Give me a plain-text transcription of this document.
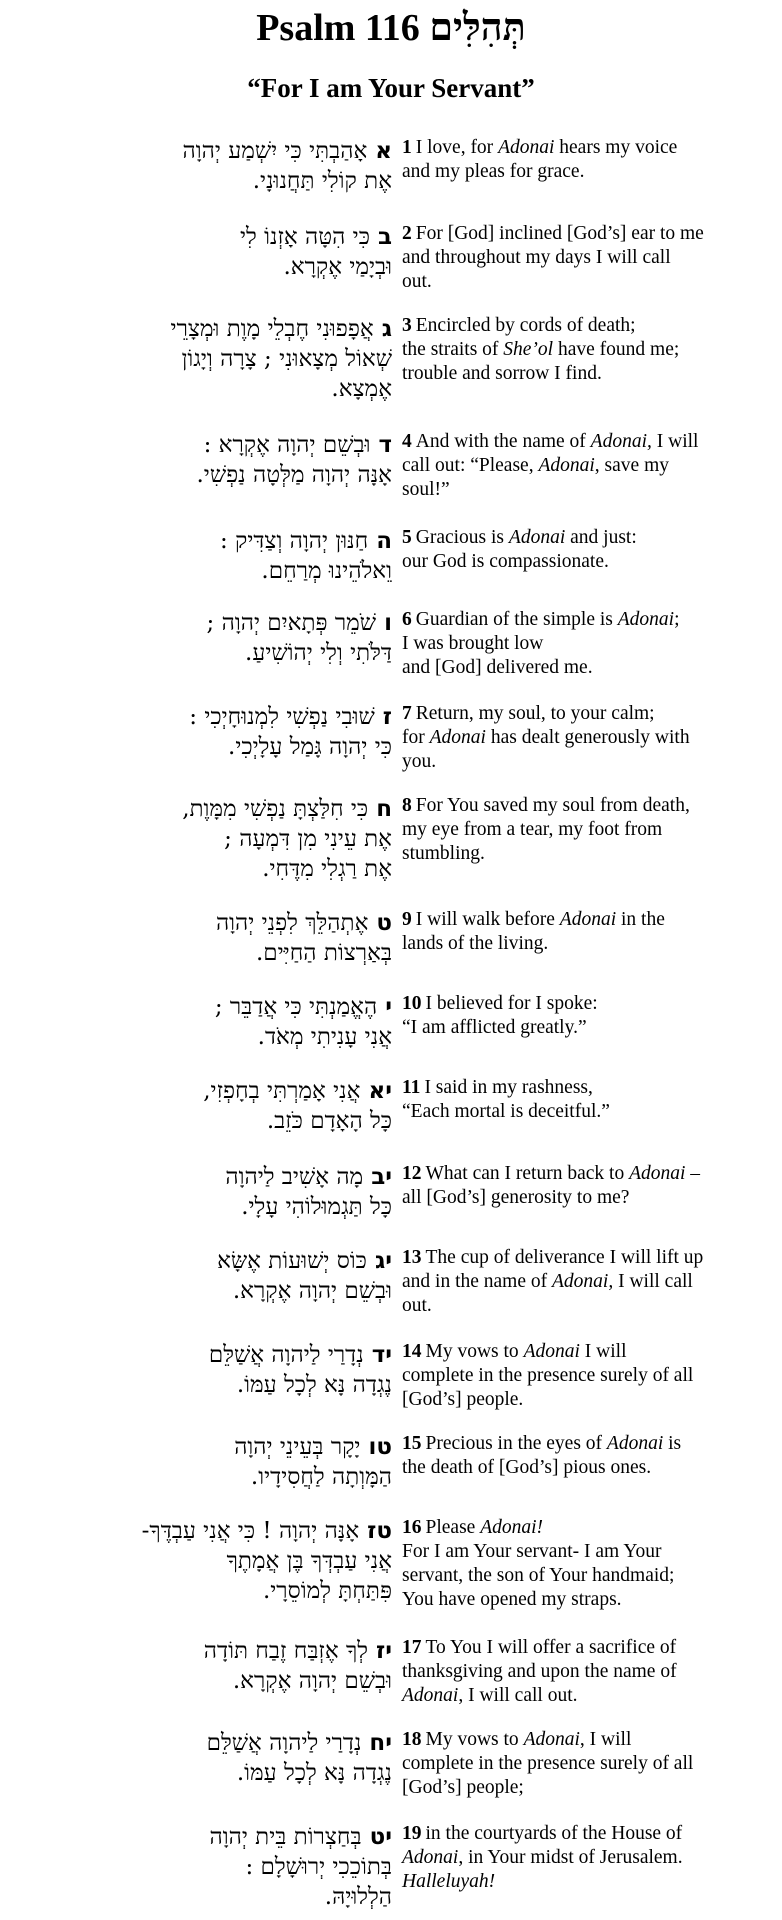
Psalm 116 תְּהִלִּים
“For I am Your Servant”
אאָהַבְתִּי כִּי יִשְׁמַע יְהוָה
אֶת קוֹלִי תַּחֲנוּנָי.
1 I love, for Adonai hears my voice
and my pleas for grace.
בכִּי הִטָּה אָזְנוֹ לִי
וּבְיָמַי אֶקְרָא.
2 For [God] inclined [God’s] ear to me
and throughout my days I will call
out.
גאֲפָפוּנִי חֶבְלֵי מָוֶת וּמְצָרֵי
שְׁאוֹל מְצָאוּנִי ; צָרָה וְיָגוֹן
אֶמְצָא.
3 Encircled by cords of death;
the straits of She’ol have found me;
trouble and sorrow I find.
דוּבְשֵׁם יְהוָה אֶקְרָא :
אָנָּה יְהוָה מַלְּטָה נַפְשִׁי.
4 And with the name of Adonai, I will
call out: “Please, Adonai, save my
soul!”
החַנּוּן יְהוָה וְצַדִּיק :
וֵאלֹהֵינוּ מְרַחֵם.
5 Gracious is Adonai and just:
our God is compassionate.
ושֹׁמֵר פְּתָאיִם יְהוָה ;
דַּלֹּתִי וְלִי יְהוֹשִׁיעַ.
6 Guardian of the simple is Adonai;
I was brought low
and [God] delivered me.
זשׁוּבִי נַפְשִׁי לִמְנוּחָיְכִי :
כִּי יְהוָה גָּמַל עָלָיְכִי.
7 Return, my soul, to your calm;
for Adonai has dealt generously with
you.
חכִּי חִלַּצְתָּ נַפְשִׁי מִמָּוֶת,
אֶת עֵינִי מִן דִּמְעָה ;
אֶת רַגְלִי מִדֶּחִי.
8 For You saved my soul from death,
my eye from a tear, my foot from
stumbling.
טאֶתְהַלֵּךְ לִפְנֵי יְהוָה
בְּאַרְצוֹת הַחַיִּים.
9 I will walk before Adonai in the
lands of the living.
יהֶאֱמַנְתִּי כִּי אֲדַבֵּר ;
אֲנִי עָנִיתִי מְאֹד.
10 I believed for I spoke:
“I am afflicted greatly.”
יאאֲנִי אָמַרְתִּי בְחָפְזִי,
כָּל הָאָדָם כֹּזֵב.
11 I said in my rashness,
“Each mortal is deceitful.”
יבמָה אָשִׁיב לַיהוָה
כָּל תַּגְמוּלוֹהִי עָלָי.
12 What can I return back to Adonai –
all [God’s] generosity to me?
יגכּוֹס יְשׁוּעוֹת אֶשָּׂא
וּבְשֵׁם יְהוָה אֶקְרָא.
13 The cup of deliverance I will lift up
and in the name of Adonai, I will call
out.
ידנְדָרַי לַיהוָה אֲשַׁלֵּם
נֶגְדָה נָּא לְכָל עַמּוֹ.
14 My vows to Adonai I will
complete in the presence surely of all
[God’s] people.
טויָקָר בְּעֵינֵי יְהוָה
הַמָּוְתָה לַחֲסִידָיו.
15 Precious in the eyes of Adonai is
the death of [God’s] pious ones.
טזאָנָּה יְהוָה ! כִּי אֲנִי עַבְדֶּךָ-
אֲנִי עַבְדְּךָ בֶּן אֲמָתֶךָ
פִּתַּחְתָּ לְמוֹסֵרָי.
16 Please Adonai!
For I am Your servant- I am Your
servant, the son of Your handmaid;
You have opened my straps.
יזלְךָ אֶזְבַּח זֶבַח תּוֹדָה
וּבְשֵׁם יְהוָה אֶקְרָא.
17 To You I will offer a sacrifice of
thanksgiving and upon the name of
Adonai, I will call out.
יחנְדָרַי לַיהוָה אֲשַׁלֵּם
נֶגְדָה נָּא לְכָל עַמּוֹ.
18 My vows to Adonai, I will
complete in the presence surely of all
[God’s] people;
יטבְּחַצְרוֹת בֵּית יְהוָה
בְּתוֹכֵכִי יְרוּשָׁלָם :
הַלְלוּיָהּ.
19 in the courtyards of the House of
Adonai, in Your midst of Jerusalem.
Halleluyah!
